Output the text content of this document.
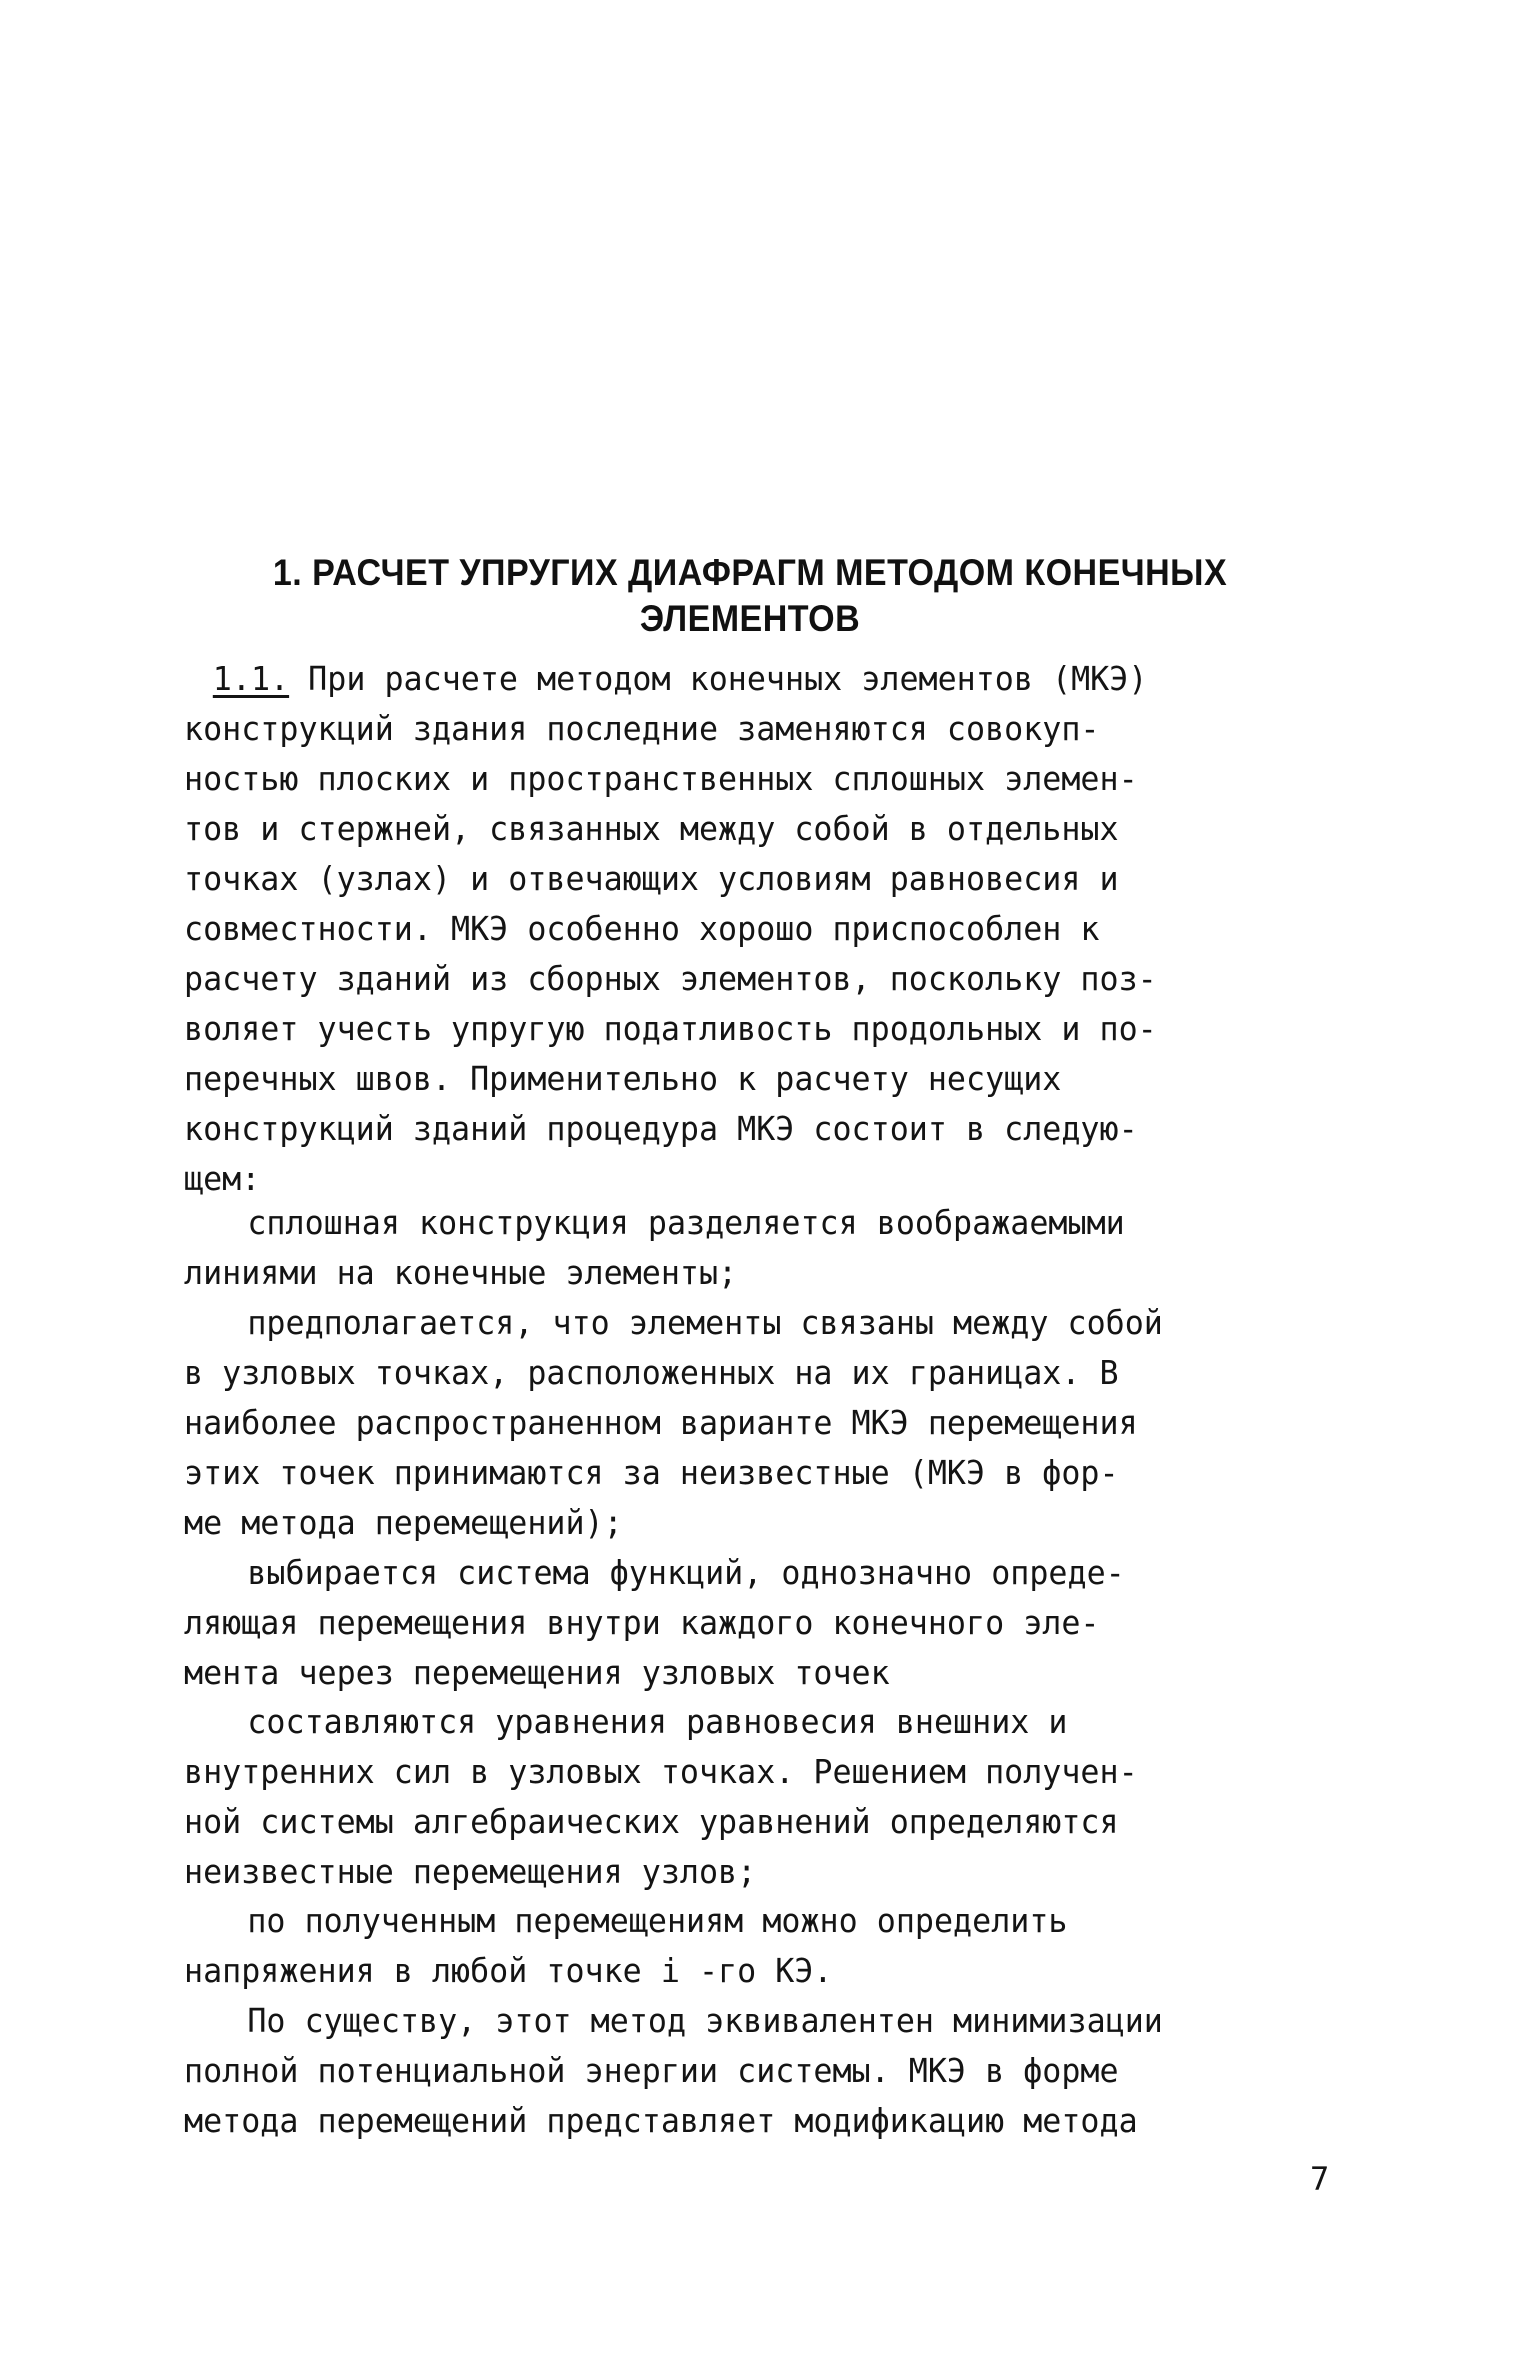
1. РАСЧЕТ УПРУГИХ ДИАФРАГМ МЕТОДОМ КОНЕЧНЫХ
ЭЛЕМЕНТОВ
1.1. При расчете методом конечных элементов (МКЭ)
конструкций здания последние заменяются совокуп-
ностью плоских и пространственных сплошных элемен-
тов и стержней, связанных между собой в отдельных
точках (узлах) и отвечающих условиям равновесия и
совместности. МКЭ особенно хорошо приспособлен к
расчету зданий из сборных элементов, поскольку поз-
воляет учесть упругую податливость продольных и по-
перечных швов. Применительно к расчету несущих
конструкций зданий процедура МКЭ состоит в следую-
щем:
сплошная конструкция разделяется воображаемыми
линиями на конечные элементы;
предполагается, что элементы связаны между собой
в узловых точках, расположенных на их границах. В
наиболее распространенном варианте МКЭ перемещения
этих точек принимаются за неизвестные (МКЭ в фор-
ме метода перемещений);
выбирается система функций, однозначно опреде-
ляющая перемещения внутри каждого конечного эле-
мента через перемещения узловых точек
составляются уравнения равновесия внешних и
внутренних сил в узловых точках. Решением получен-
ной системы алгебраических уравнений определяются
неизвестные перемещения узлов;
по полученным перемещениям можно определить
напряжения в любой точке i -го КЭ.
По существу, этот метод эквивалентен минимизации
полной потенциальной энергии системы. МКЭ в форме
метода перемещений представляет модификацию метода
7
